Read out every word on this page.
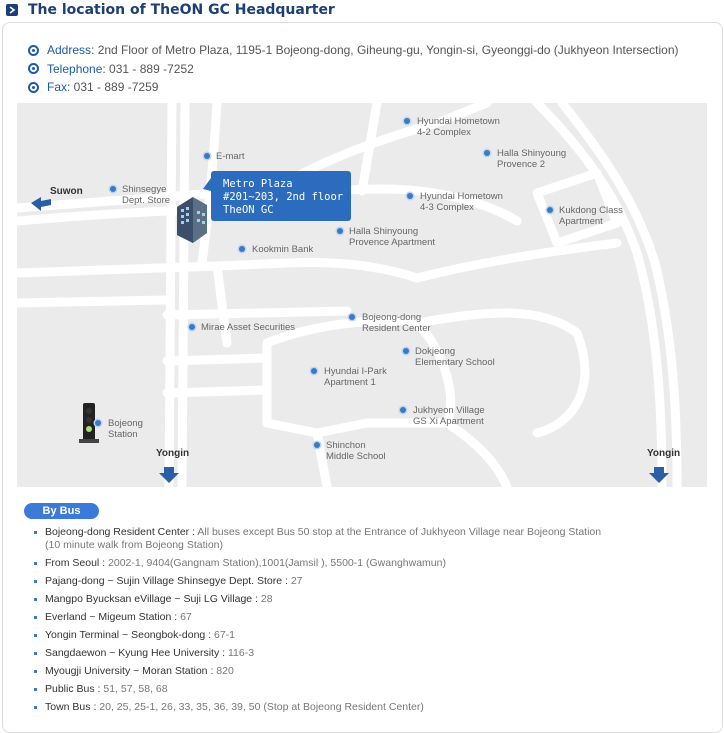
The location of TheON GC Headquarter
Address : 2nd Floor of Metro Plaza, 1195-1 Bojeong-dong, Giheung-gu, Yongin-si, Gyeonggi-do (Jukhyeon Intersection)
Telephone : 031 - 889 -7252
Fax : 031 - 889 -7259
Metro Plaza
#201~203, 2nd floor
TheON GC
Suwon
Yongin	Yongin
E-mart
Shinsegye
Dept. Store
Hyundai Hometown
4-2 Complex
Halla Shinyoung
Provence 2
Hyundai Hometown
4-3 Complex	Kukdong Class
Apartment
Halla Shinyoung
Provence Apartment
Kookmin Bank
Bojeong-dong
Resident Center
Mirae Asset Securities
Dokjeong
Elementary School
Hyundai I-Park
Apartment 1
Jukhyeon Village
GS Xi Apartment
Bojeong
Station
Shinchon
Middle School
By Bus
Bojeong-dong Resident Center : All buses except Bus 50 stop at the Entrance of Jukhyeon Village near Bojeong Station
(10 minute walk from Bojeong Station)
From Seoul : 2002-1, 9404(Gangnam Station),1001(Jamsil ), 5500-1 (Gwanghwamun)
Pajang-dong ~ Sujin Village Shinsegye Dept. Store : 27
Mangpo Byucksan eVillage ~ Suji LG Village : 28
Everland ~ Migeum Station : 67
Yongin Terminal ~ Seongbok-dong : 67-1
Sangdaewon ~ Kyung Hee University : 116-3
Myougji University ~ Moran Station : 820
Public Bus : 51, 57, 58, 68
Town Bus : 20, 25, 25-1, 26, 33, 35, 36, 39, 50 (Stop at Bojeong Resident Center)
